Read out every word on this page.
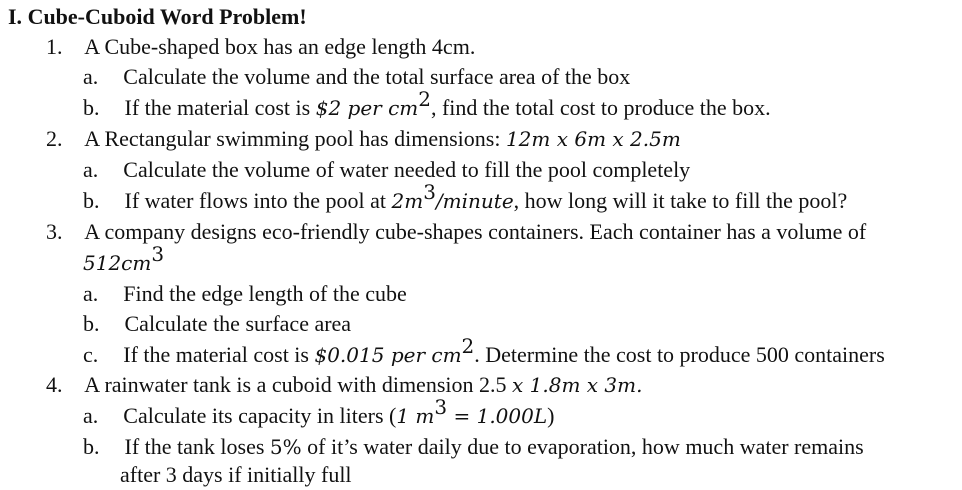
I. Cube-Cuboid Word Problem!
1. A Cube-shaped box has an edge length 4cm.
a. Calculate the volume and the total surface area of the box
b. If the material cost is $2 per $cm^2$, find the total cost to produce the box.
2. A Rectangular swimming pool has dimensions: 12m x 6m x 2.5m
a. Calculate the volume of water needed to fill the pool completely
b. If water flows into the pool at $2m^3$/minute, how long will it take to fill the pool?
3. A company designs eco-friendly cube-shapes containers. Each container has a volume of
$512cm^3$
a. Find the edge length of the cube
b. Calculate the surface area
c. If the material cost is $0.015 per $cm^2$. Determine the cost to produce 500 containers
4. A rainwater tank is a cuboid with dimension 2.5 x 1.8m x 3m.
a. Calculate its capacity in liters (1 $m^3 = 1.000L$)
b. If the tank loses 5% of it’s water daily due to evaporation, how much water remains
after 3 days if initially full
